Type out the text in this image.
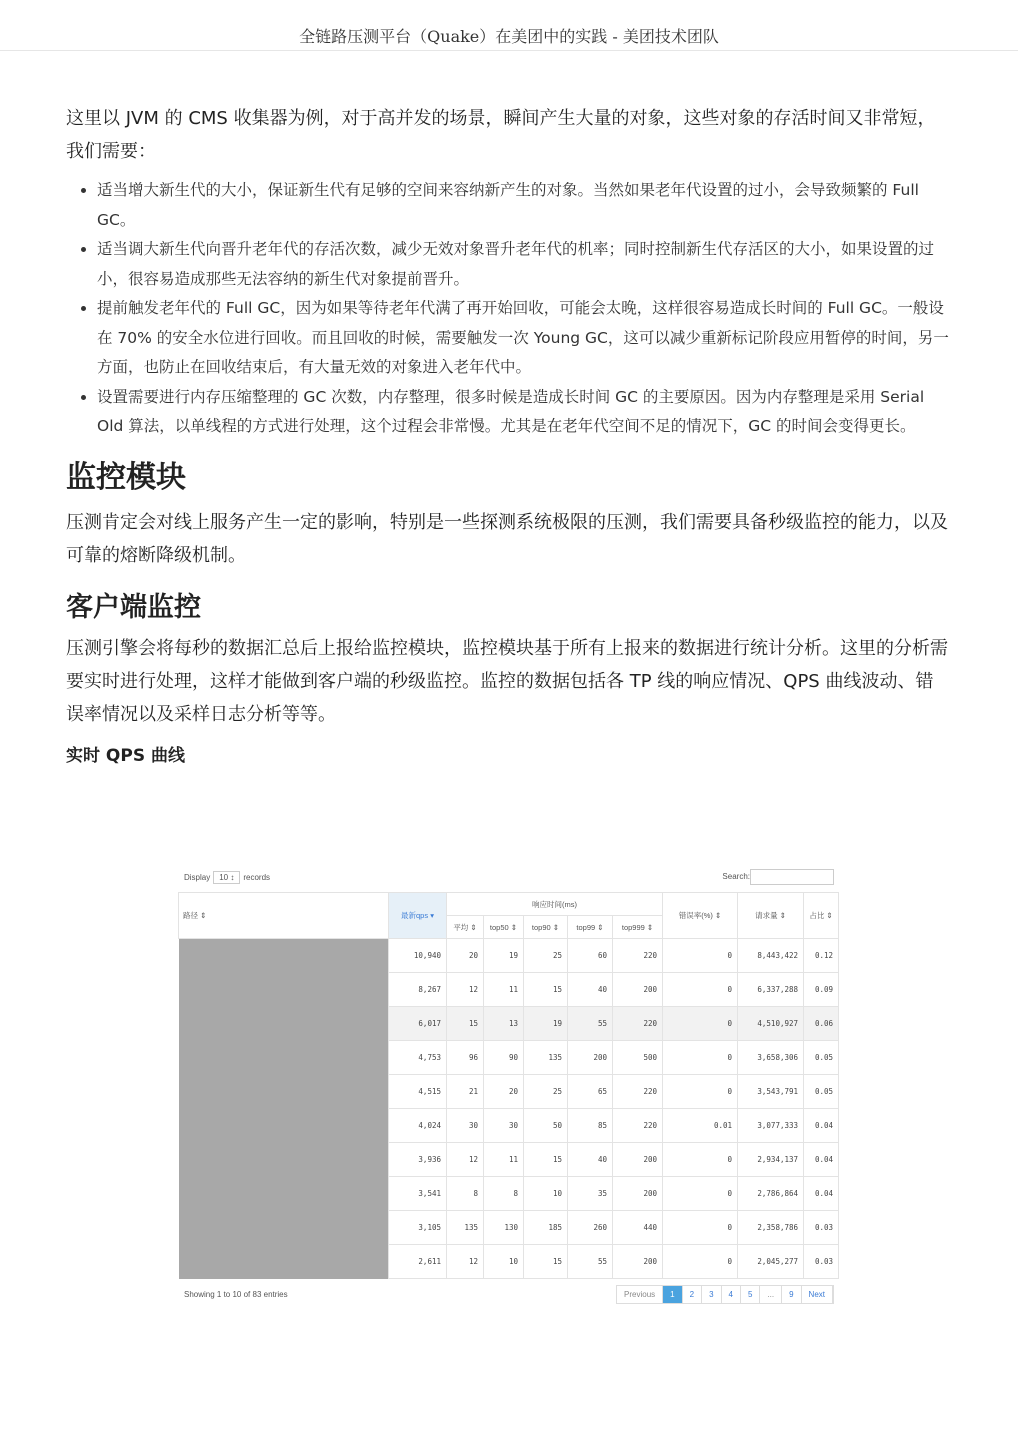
全链路压测平台（Quake）在美团中的实践 - 美团技术团队

这里以 JVM 的 CMS 收集器为例，对于高并发的场景，瞬间产生大量的对象，这些对象的存活时间又非常短，我们需要：

• 适当增大新生代的大小，保证新生代有足够的空间来容纳新产生的对象。当然如果老年代设置的过小，会导致频繁的 Full GC。
• 适当调大新生代向晋升老年代的存活次数，减少无效对象晋升老年代的机率；同时控制新生代存活区的大小，如果设置的过小，很容易造成那些无法容纳的新生代对象提前晋升。
• 提前触发老年代的 Full GC，因为如果等待老年代满了再开始回收，可能会太晚，这样很容易造成长时间的 Full GC。一般设在 70% 的安全水位进行回收。而且回收的时候，需要触发一次 Young GC，这可以减少重新标记阶段应用暂停的时间，另一方面，也防止在回收结束后，有大量无效的对象进入老年代中。
• 设置需要进行内存压缩整理的 GC 次数，内存整理，很多时候是造成长时间 GC 的主要原因。因为内存整理是采用 Serial Old 算法，以单线程的方式进行处理，这个过程会非常慢。尤其是在老年代空间不足的情况下，GC 的时间会变得更长。
监控模块

压测肯定会对线上服务产生一定的影响，特别是一些探测系统极限的压测，我们需要具备秒级监控的能力，以及可靠的熔断降级机制。

客户端监控

压测引擎会将每秒的数据汇总后上报给监控模块，监控模块基于所有上报来的数据进行统计分析。这里的分析需要实时进行处理，这样才能做到客户端的秒级监控。监控的数据包括各 TP 线的响应情况、QPS 曲线波动、错误率情况以及采样日志分析等等。

实时 QPS 曲线
Display 10 ↕ records	Search:
路径 ⇕	最新qps ▾	响应时间(ms)					错误率(%) ⇕	请求量 ⇕	占比 ⇕
		平均 ⇕	top50 ⇕	top90 ⇕	top99 ⇕	top999 ⇕			
	10,940	20	19	25	60	220	0	8,443,422	0.12
	8,267	12	11	15	40	200	0	6,337,288	0.09
	6,017	15	13	19	55	220	0	4,510,927	0.06
	4,753	96	90	135	200	500	0	3,658,306	0.05
	4,515	21	20	25	65	220	0	3,543,791	0.05
	4,024	30	30	50	85	220	0.01	3,077,333	0.04
	3,936	12	11	15	40	200	0	2,934,137	0.04
	3,541	8	8	10	35	200	0	2,786,864	0.04
	3,105	135	130	185	260	440	0	2,358,786	0.03
	2,611	12	10	15	55	200	0	2,045,277	0.03
Showing 1 to 10 of 83 entries	Previous	1	2	3	4	5	...	9	Next
